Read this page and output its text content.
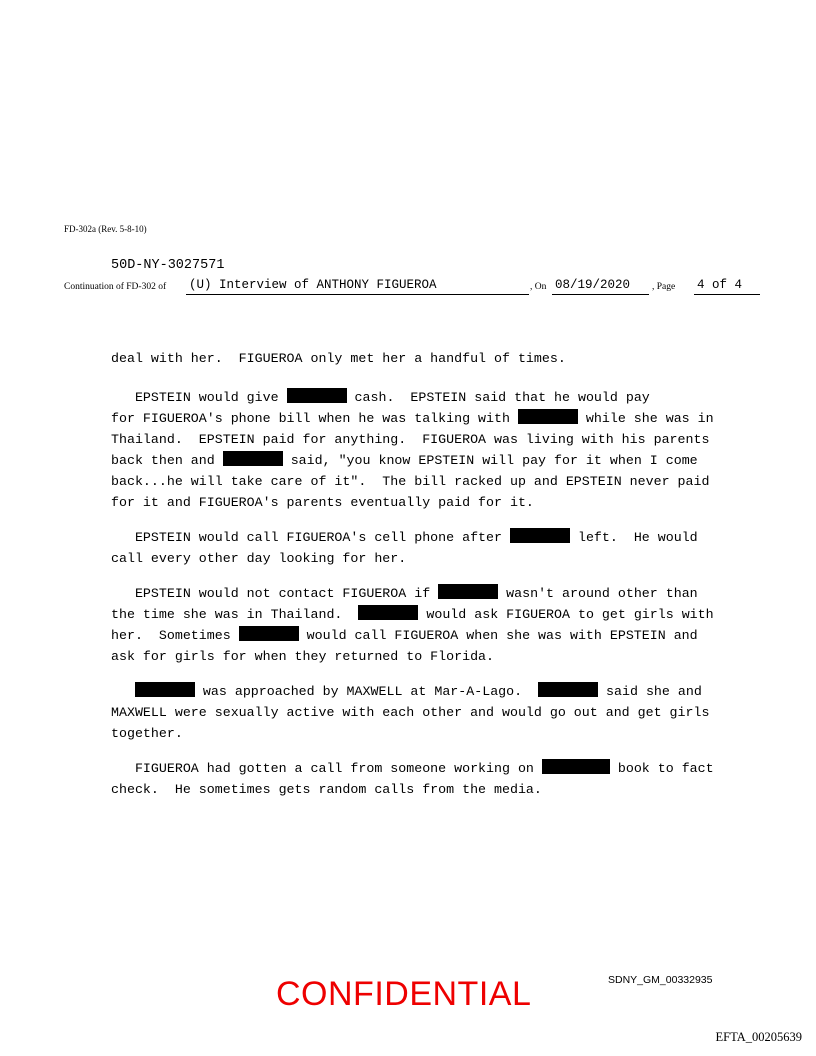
FD-302a (Rev. 5-8-10)
50D-NY-3027571
Continuation of FD-302 of (U) Interview of ANTHONY FIGUEROA	, On 08/19/2020	, Page 4 of 4
deal with her.  FIGUEROA only met her a handful of times.
EPSTEIN would give	cash.  EPSTEIN said that he would pay
for FIGUEROA's phone bill when he was talking with	while she was in
Thailand.  EPSTEIN paid for anything.  FIGUEROA was living with his parents
back then and	said, "you know EPSTEIN will pay for it when I come
back...he will take care of it".  The bill racked up and EPSTEIN never paid
for it and FIGUEROA's parents eventually paid for it.
EPSTEIN would call FIGUEROA's cell phone after	left.  He would
call every other day looking for her.
EPSTEIN would not contact FIGUEROA if	wasn't around other than
the time she was in Thailand.	would ask FIGUEROA to get girls with
her.  Sometimes	would call FIGUEROA when she was with EPSTEIN and
ask for girls for when they returned to Florida.
was approached by MAXWELL at Mar-A-Lago.	said she and
MAXWELL were sexually active with each other and would go out and get girls
together.
FIGUEROA had gotten a call from someone working on	book to fact
check.  He sometimes gets random calls from the media.
CONFIDENTIAL	SDNY_GM_00332935
EFTA_00205639
